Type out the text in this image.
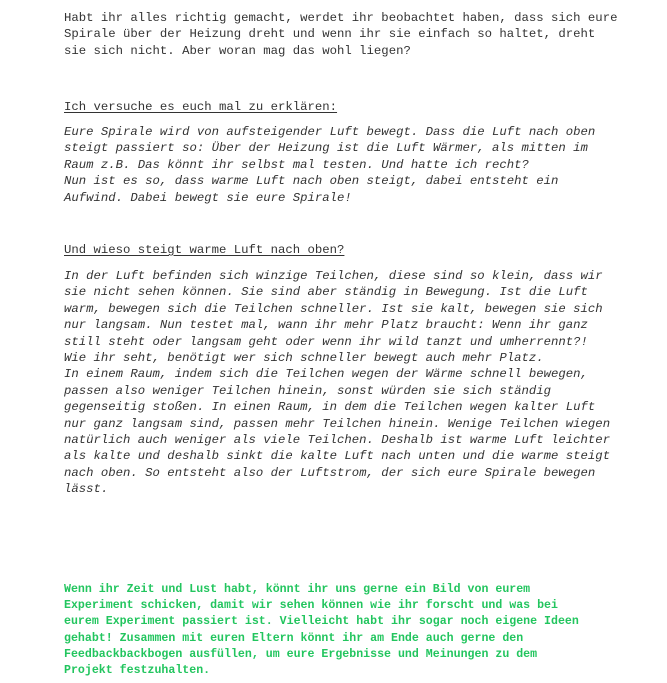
Habt ihr alles richtig gemacht, werdet ihr beobachtet haben, dass sich eure
Spirale über der Heizung dreht und wenn ihr sie einfach so haltet, dreht
sie sich nicht. Aber woran mag das wohl liegen?

Ich versuche es euch mal zu erklären:

Eure Spirale wird von aufsteigender Luft bewegt. Dass die Luft nach oben
steigt passiert so: Über der Heizung ist die Luft Wärmer, als mitten im
Raum z.B. Das könnt ihr selbst mal testen. Und hatte ich recht?
Nun ist es so, dass warme Luft nach oben steigt, dabei entsteht ein
Aufwind. Dabei bewegt sie eure Spirale!

Und wieso steigt warme Luft nach oben?

In der Luft befinden sich winzige Teilchen, diese sind so klein, dass wir
sie nicht sehen können. Sie sind aber ständig in Bewegung. Ist die Luft
warm, bewegen sich die Teilchen schneller. Ist sie kalt, bewegen sie sich
nur langsam. Nun testet mal, wann ihr mehr Platz braucht: Wenn ihr ganz
still steht oder langsam geht oder wenn ihr wild tanzt und umherrennt?!
Wie ihr seht, benötigt wer sich schneller bewegt auch mehr Platz.
In einem Raum, indem sich die Teilchen wegen der Wärme schnell bewegen,
passen also weniger Teilchen hinein, sonst würden sie sich ständig
gegenseitig stoßen. In einen Raum, in dem die Teilchen wegen kalter Luft
nur ganz langsam sind, passen mehr Teilchen hinein. Wenige Teilchen wiegen
natürlich auch weniger als viele Teilchen. Deshalb ist warme Luft leichter
als kalte und deshalb sinkt die kalte Luft nach unten und die warme steigt
nach oben. So entsteht also der Luftstrom, der sich eure Spirale bewegen
lässt.

Wenn ihr Zeit und Lust habt, könnt ihr uns gerne ein Bild von eurem
Experiment schicken, damit wir sehen können wie ihr forscht und was bei
eurem Experiment passiert ist. Vielleicht habt ihr sogar noch eigene Ideen
gehabt! Zusammen mit euren Eltern könnt ihr am Ende auch gerne den
Feedbackbackbogen ausfüllen, um eure Ergebnisse und Meinungen zu dem
Projekt festzuhalten.
